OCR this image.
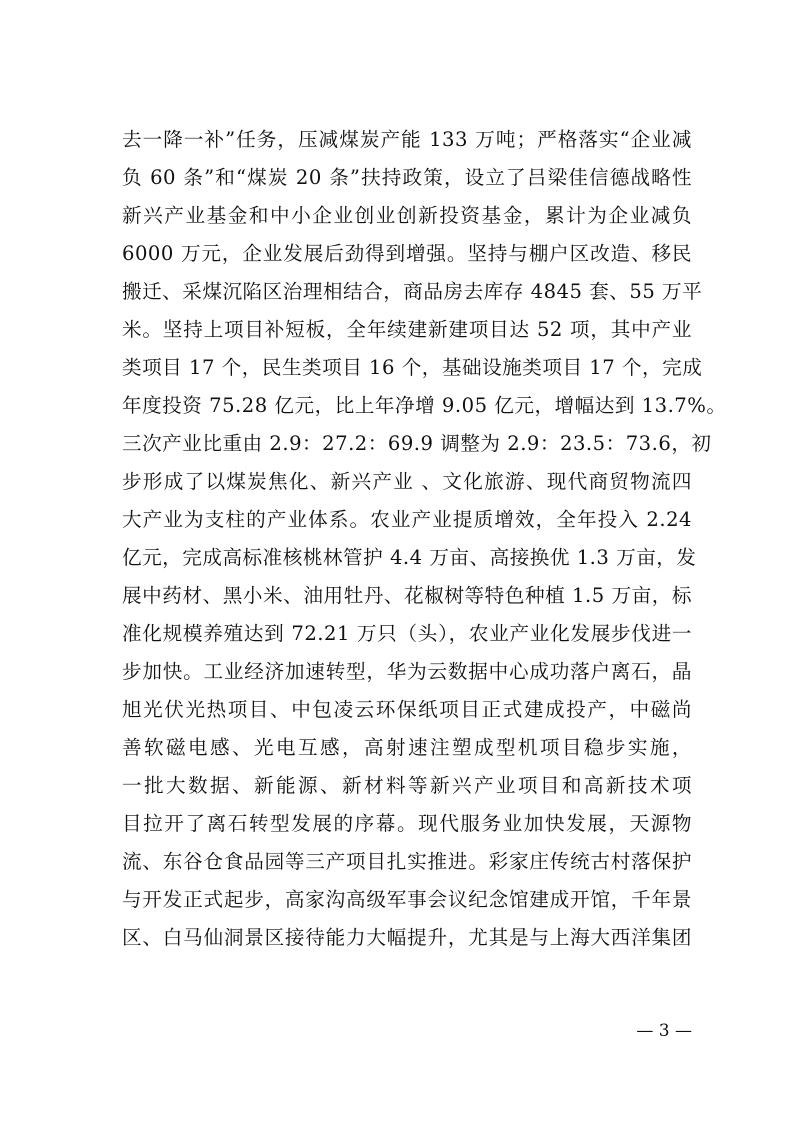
去一降一补”任务，压减煤炭产能 133 万吨；严格落实“企业减
负 60 条”和“煤炭 20 条”扶持政策，设立了吕梁佳信德战略性
新兴产业基金和中小企业创业创新投资基金，累计为企业减负
6000 万元，企业发展后劲得到增强。坚持与棚户区改造、移民
搬迁、采煤沉陷区治理相结合，商品房去库存 4845 套、55 万平
米。坚持上项目补短板，全年续建新建项目达 52 项，其中产业
类项目 17 个，民生类项目 16 个，基础设施类项目 17 个，完成
年度投资 75.28 亿元，比上年净增 9.05 亿元，增幅达到 13.7%。
三次产业比重由 2.9：27.2：69.9 调整为 2.9：23.5：73.6，初
步形成了以煤炭焦化、新兴产业 、文化旅游、现代商贸物流四
大产业为支柱的产业体系。农业产业提质增效，全年投入 2.24
亿元，完成高标准核桃林管护 4.4 万亩、高接换优 1.3 万亩，发
展中药材、黑小米、油用牡丹、花椒树等特色种植 1.5 万亩，标
准化规模养殖达到 72.21 万只（头），农业产业化发展步伐进一
步加快。工业经济加速转型，华为云数据中心成功落户离石，晶
旭光伏光热项目、中包凌云环保纸项目正式建成投产，中磁尚
善软磁电感、光电互感，高射速注塑成型机项目稳步实施，
一批大数据、新能源、新材料等新兴产业项目和高新技术项
目拉开了离石转型发展的序幕。现代服务业加快发展，天源物
流、东谷仓食品园等三产项目扎实推进。彩家庄传统古村落保护
与开发正式起步，高家沟高级军事会议纪念馆建成开馆，千年景
区、白马仙洞景区接待能力大幅提升，尤其是与上海大西洋集团
— 3 —
